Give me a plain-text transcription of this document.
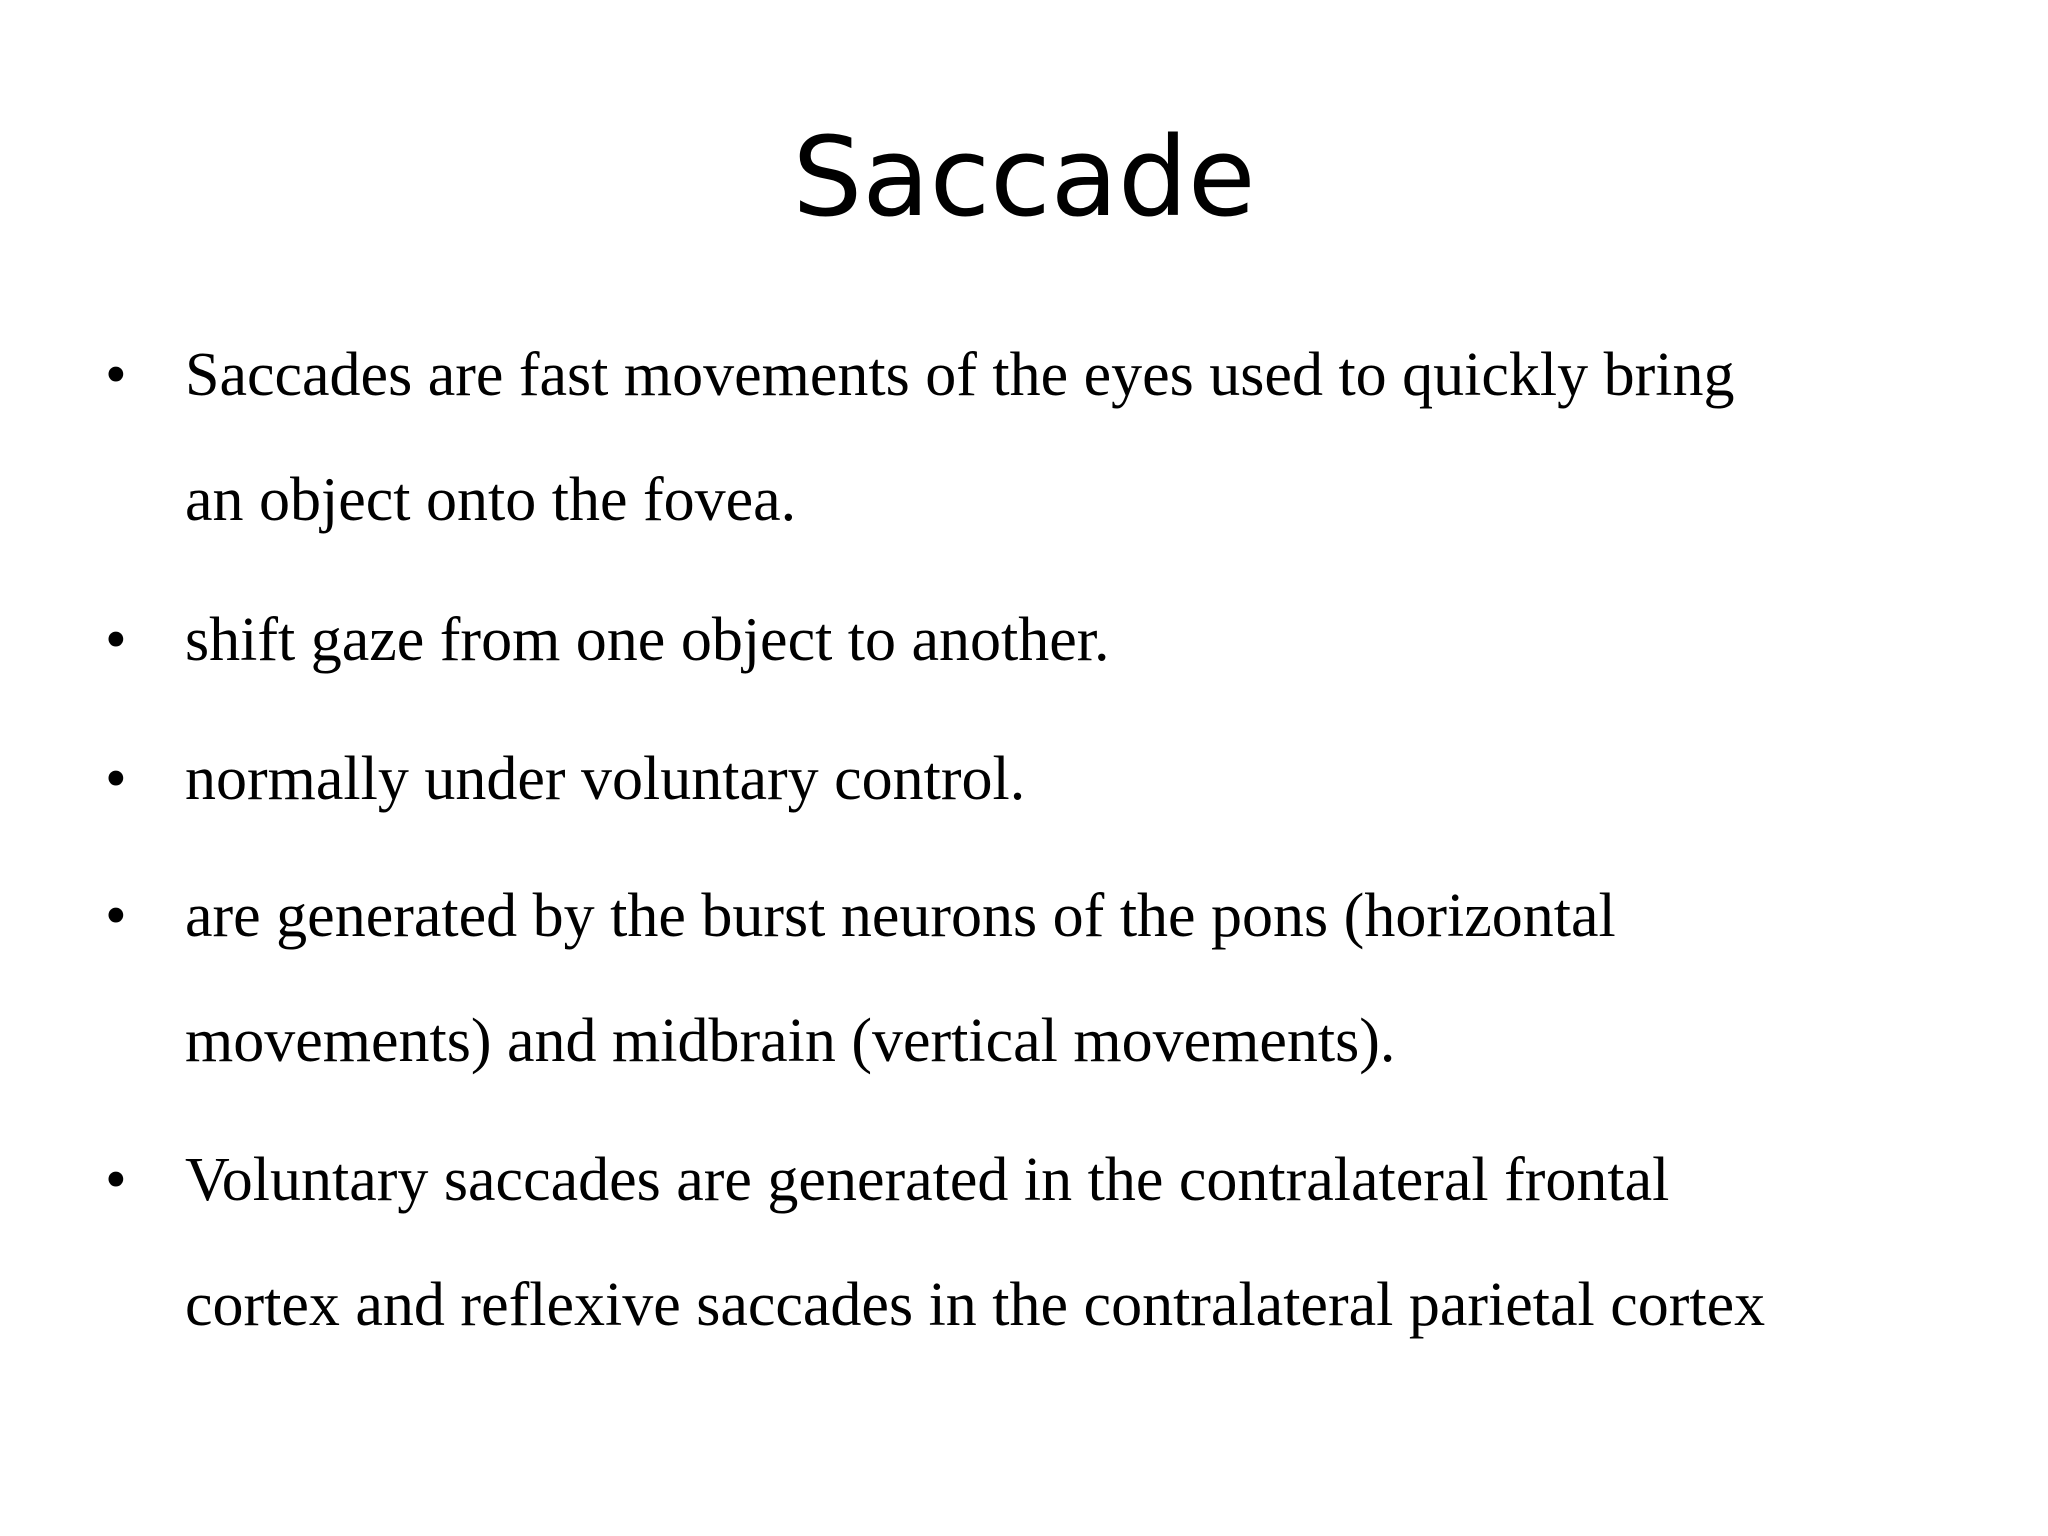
Saccade
• Saccades are fast movements of the eyes used to quickly bring
an object onto the fovea.
• shift gaze from one object to another.
• normally under voluntary control.
• are generated by the burst neurons of the pons (horizontal
movements) and midbrain (vertical movements).
• Voluntary saccades are generated in the contralateral frontal
cortex and reflexive saccades in the contralateral parietal cortex
